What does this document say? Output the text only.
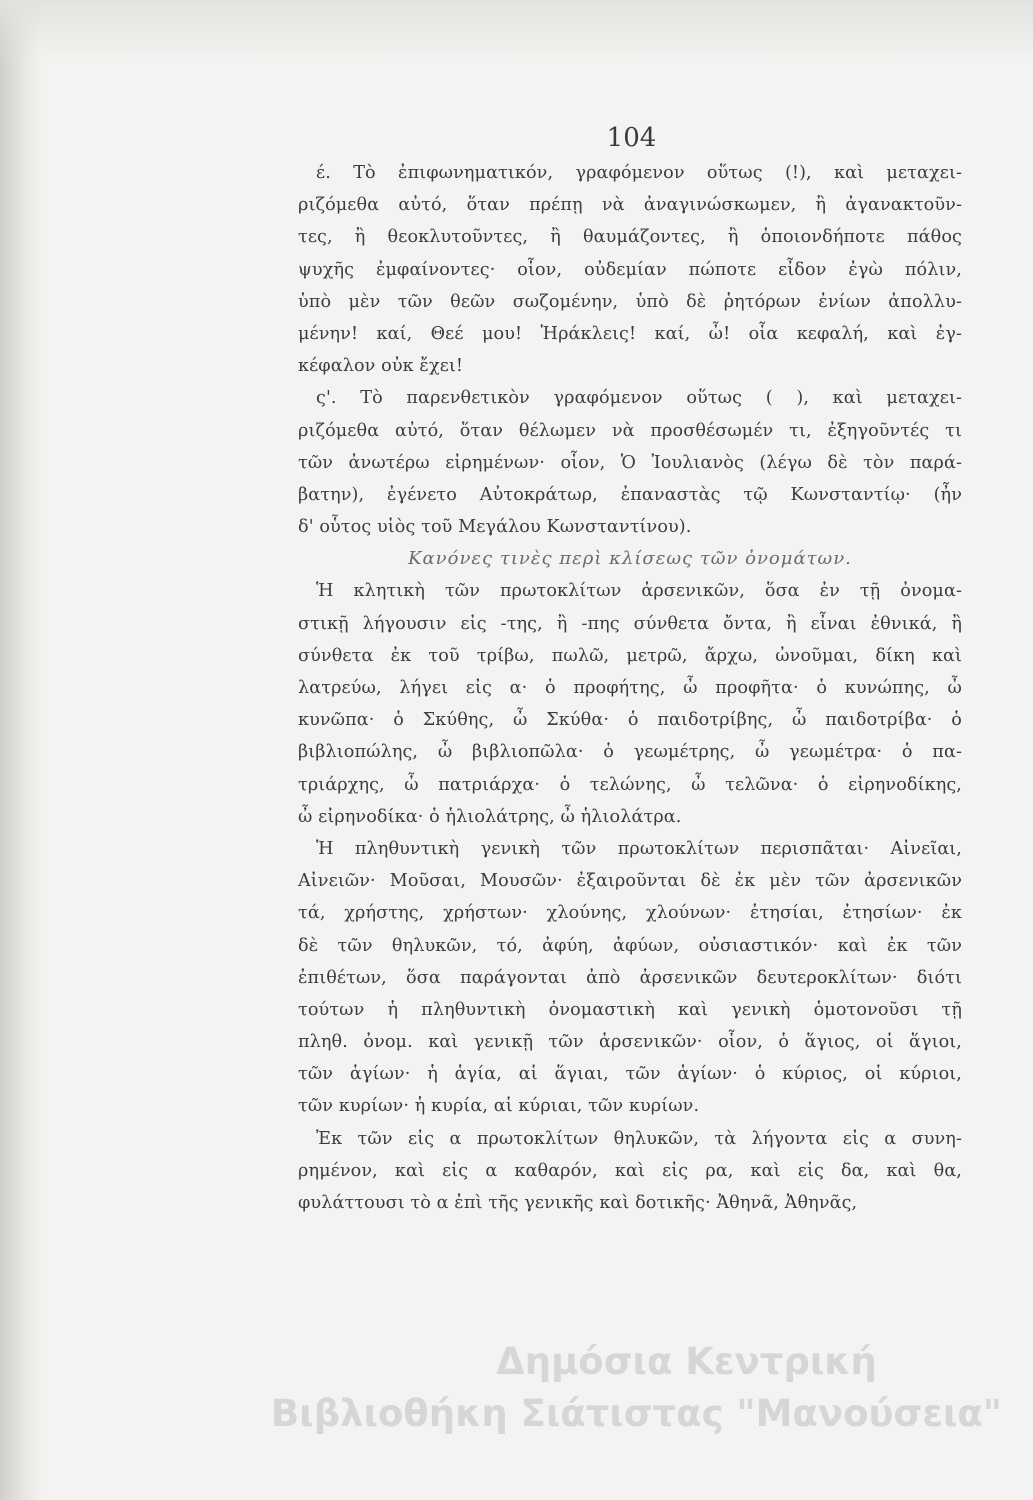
104
έ. Τὸ ἐπιφωνηματικόν, γραφόμενον οὕτως (!), καὶ μεταχει-
ριζόμεθα αὐτό, ὅταν πρέπῃ νὰ ἀναγινώσκωμεν, ἢ ἀγανακτοῦν-
τες, ἢ θεοκλυτοῦντες, ἢ θαυμάζοντες, ἢ ὁποιονδήποτε πάθος
ψυχῆς ἐμφαίνοντες· οἷον, οὐδεμίαν πώποτε εἶδον ἐγὼ πόλιν,
ὑπὸ μὲν τῶν θεῶν σωζομένην, ὑπὸ δὲ ῥητόρων ἐνίων ἀπολλυ-
μένην! καί, Θεέ μου! Ἡράκλεις! καί, ὦ! οἷα κεφαλή, καὶ ἐγ-
κέφαλον οὐκ ἔχει!
ς'. Τὸ παρενθετικὸν γραφόμενον οὕτως ( ), καὶ μεταχει-
ριζόμεθα αὐτό, ὅταν θέλωμεν νὰ προσθέσωμέν τι, ἐξηγοῦντές τι
τῶν ἀνωτέρω εἰρημένων· οἷον, Ὁ Ἰουλιανὸς (λέγω δὲ τὸν παρά-
βατην), ἐγένετο Αὐτοκράτωρ, ἐπαναστὰς τῷ Κωνσταντίῳ· (ἦν
δ' οὗτος υἱὸς τοῦ Μεγάλου Κωνσταντίνου).
Κανόνες τινὲς περὶ κλίσεως τῶν ὀνομάτων.
Ἡ κλητικὴ τῶν πρωτοκλίτων ἀρσενικῶν, ὅσα ἐν τῇ ὀνομα-
στικῇ λήγουσιν εἰς -της, ἢ -πης σύνθετα ὄντα, ἢ εἶναι ἐθνικά, ἢ
σύνθετα ἐκ τοῦ τρίβω, πωλῶ, μετρῶ, ἄρχω, ὠνοῦμαι, δίκη καὶ
λατρεύω, λήγει εἰς α· ὁ προφήτης, ὦ προφῆτα· ὁ κυνώπης, ὦ
κυνῶπα· ὁ Σκύθης, ὦ Σκύθα· ὁ παιδοτρίβης, ὦ παιδοτρίβα· ὁ
βιβλιοπώλης, ὦ βιβλιοπῶλα· ὁ γεωμέτρης, ὦ γεωμέτρα· ὁ πα-
τριάρχης, ὦ πατριάρχα· ὁ τελώνης, ὦ τελῶνα· ὁ εἰρηνοδίκης,
ὦ εἰρηνοδίκα· ὁ ἡλιολάτρης, ὦ ἡλιολάτρα.
Ἡ πληθυντικὴ γενικὴ τῶν πρωτοκλίτων περισπᾶται· Αἰνεῖαι,
Αἰνειῶν· Μοῦσαι, Μουσῶν· ἐξαιροῦνται δὲ ἐκ μὲν τῶν ἀρσενικῶν
τά, χρήστης, χρήστων· χλούνης, χλούνων· ἐτησίαι, ἐτησίων· ἐκ
δὲ τῶν θηλυκῶν, τό, ἀφύη, ἀφύων, οὐσιαστικόν· καὶ ἐκ τῶν
ἐπιθέτων, ὅσα παράγονται ἀπὸ ἀρσενικῶν δευτεροκλίτων· διότι
τούτων ἡ πληθυντικὴ ὀνομαστικὴ καὶ γενικὴ ὁμοτονοῦσι τῇ
πληθ. ὀνομ. καὶ γενικῇ τῶν ἀρσενικῶν· οἷον, ὁ ἅγιος, οἱ ἅγιοι,
τῶν ἁγίων· ἡ ἁγία, αἱ ἅγιαι, τῶν ἁγίων· ὁ κύριος, οἱ κύριοι,
τῶν κυρίων· ἡ κυρία, αἱ κύριαι, τῶν κυρίων.
Ἐκ τῶν εἰς α πρωτοκλίτων θηλυκῶν, τὰ λήγοντα εἰς α συνη-
ρημένον, καὶ εἰς α καθαρόν, καὶ εἰς ρα, καὶ εἰς δα, καὶ θα,
φυλάττουσι τὸ α ἐπὶ τῆς γενικῆς καὶ δοτικῆς· Ἀθηνᾶ, Ἀθηνᾶς,
Δημόσια Κεντρική
Βιβλιοθήκη Σιάτιστας "Μανούσεια"
